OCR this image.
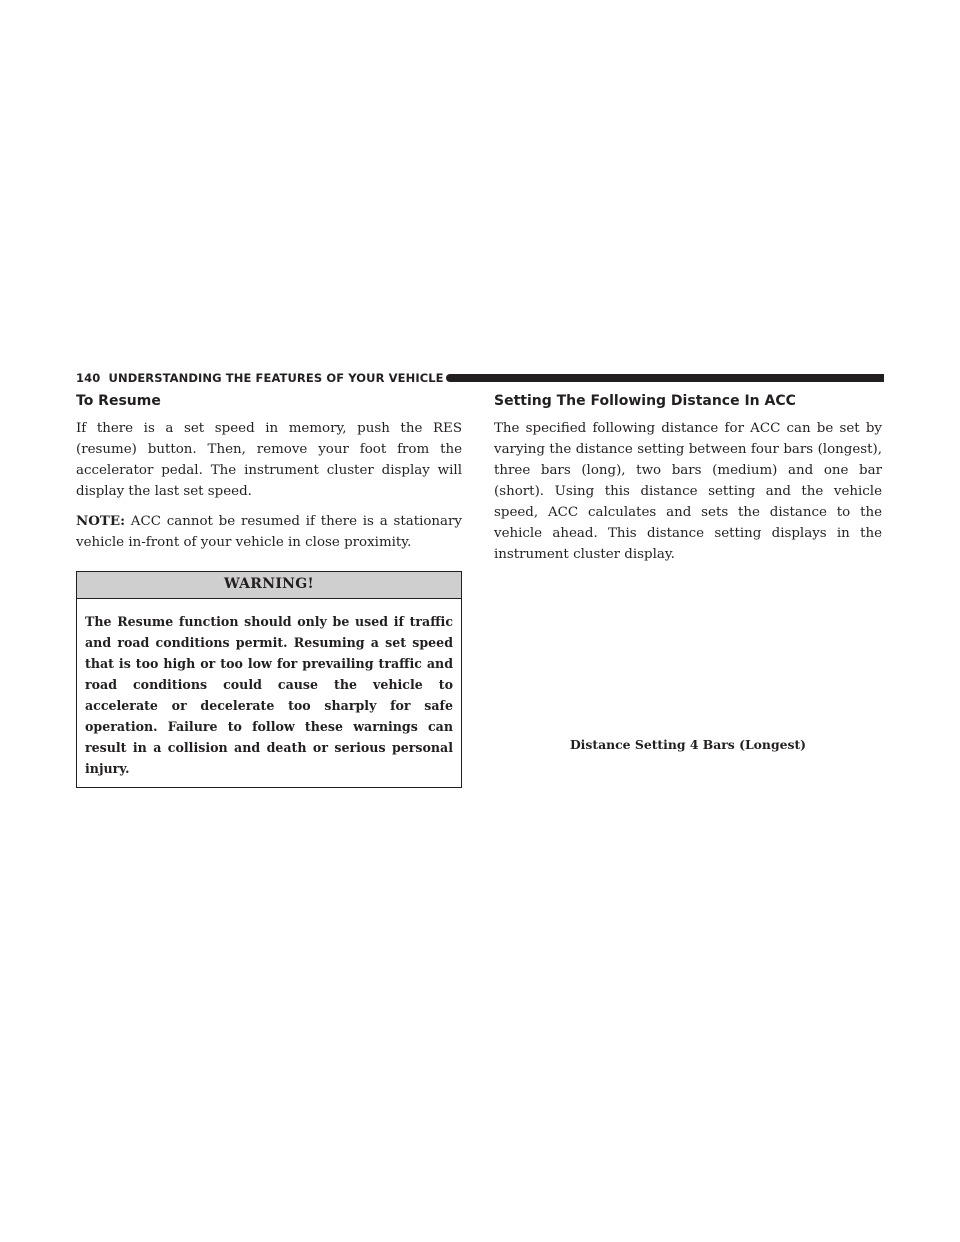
140 UNDERSTANDING THE FEATURES OF YOUR VEHICLE
To Resume

If there is a set speed in memory, push the RES (resume) button. Then, remove your foot from the accelerator pedal. The instrument cluster display will display the last set speed.

NOTE: ACC cannot be resumed if there is a stationary vehicle in-front of your vehicle in close proximity.

WARNING!
The Resume function should only be used if traffic and road conditions permit. Resuming a set speed that is too high or too low for prevailing traffic and road conditions could cause the vehicle to accelerate or decelerate too sharply for safe operation. Failure to follow these warnings can result in a collision and death or serious personal injury.
Setting The Following Distance In ACC

The specified following distance for ACC can be set by varying the distance setting between four bars (longest), three bars (long), two bars (medium) and one bar (short). Using this distance setting and the vehicle speed, ACC calculates and sets the distance to the vehicle ahead. This distance setting displays in the instrument cluster display.

Distance Setting 4 Bars (Longest)
